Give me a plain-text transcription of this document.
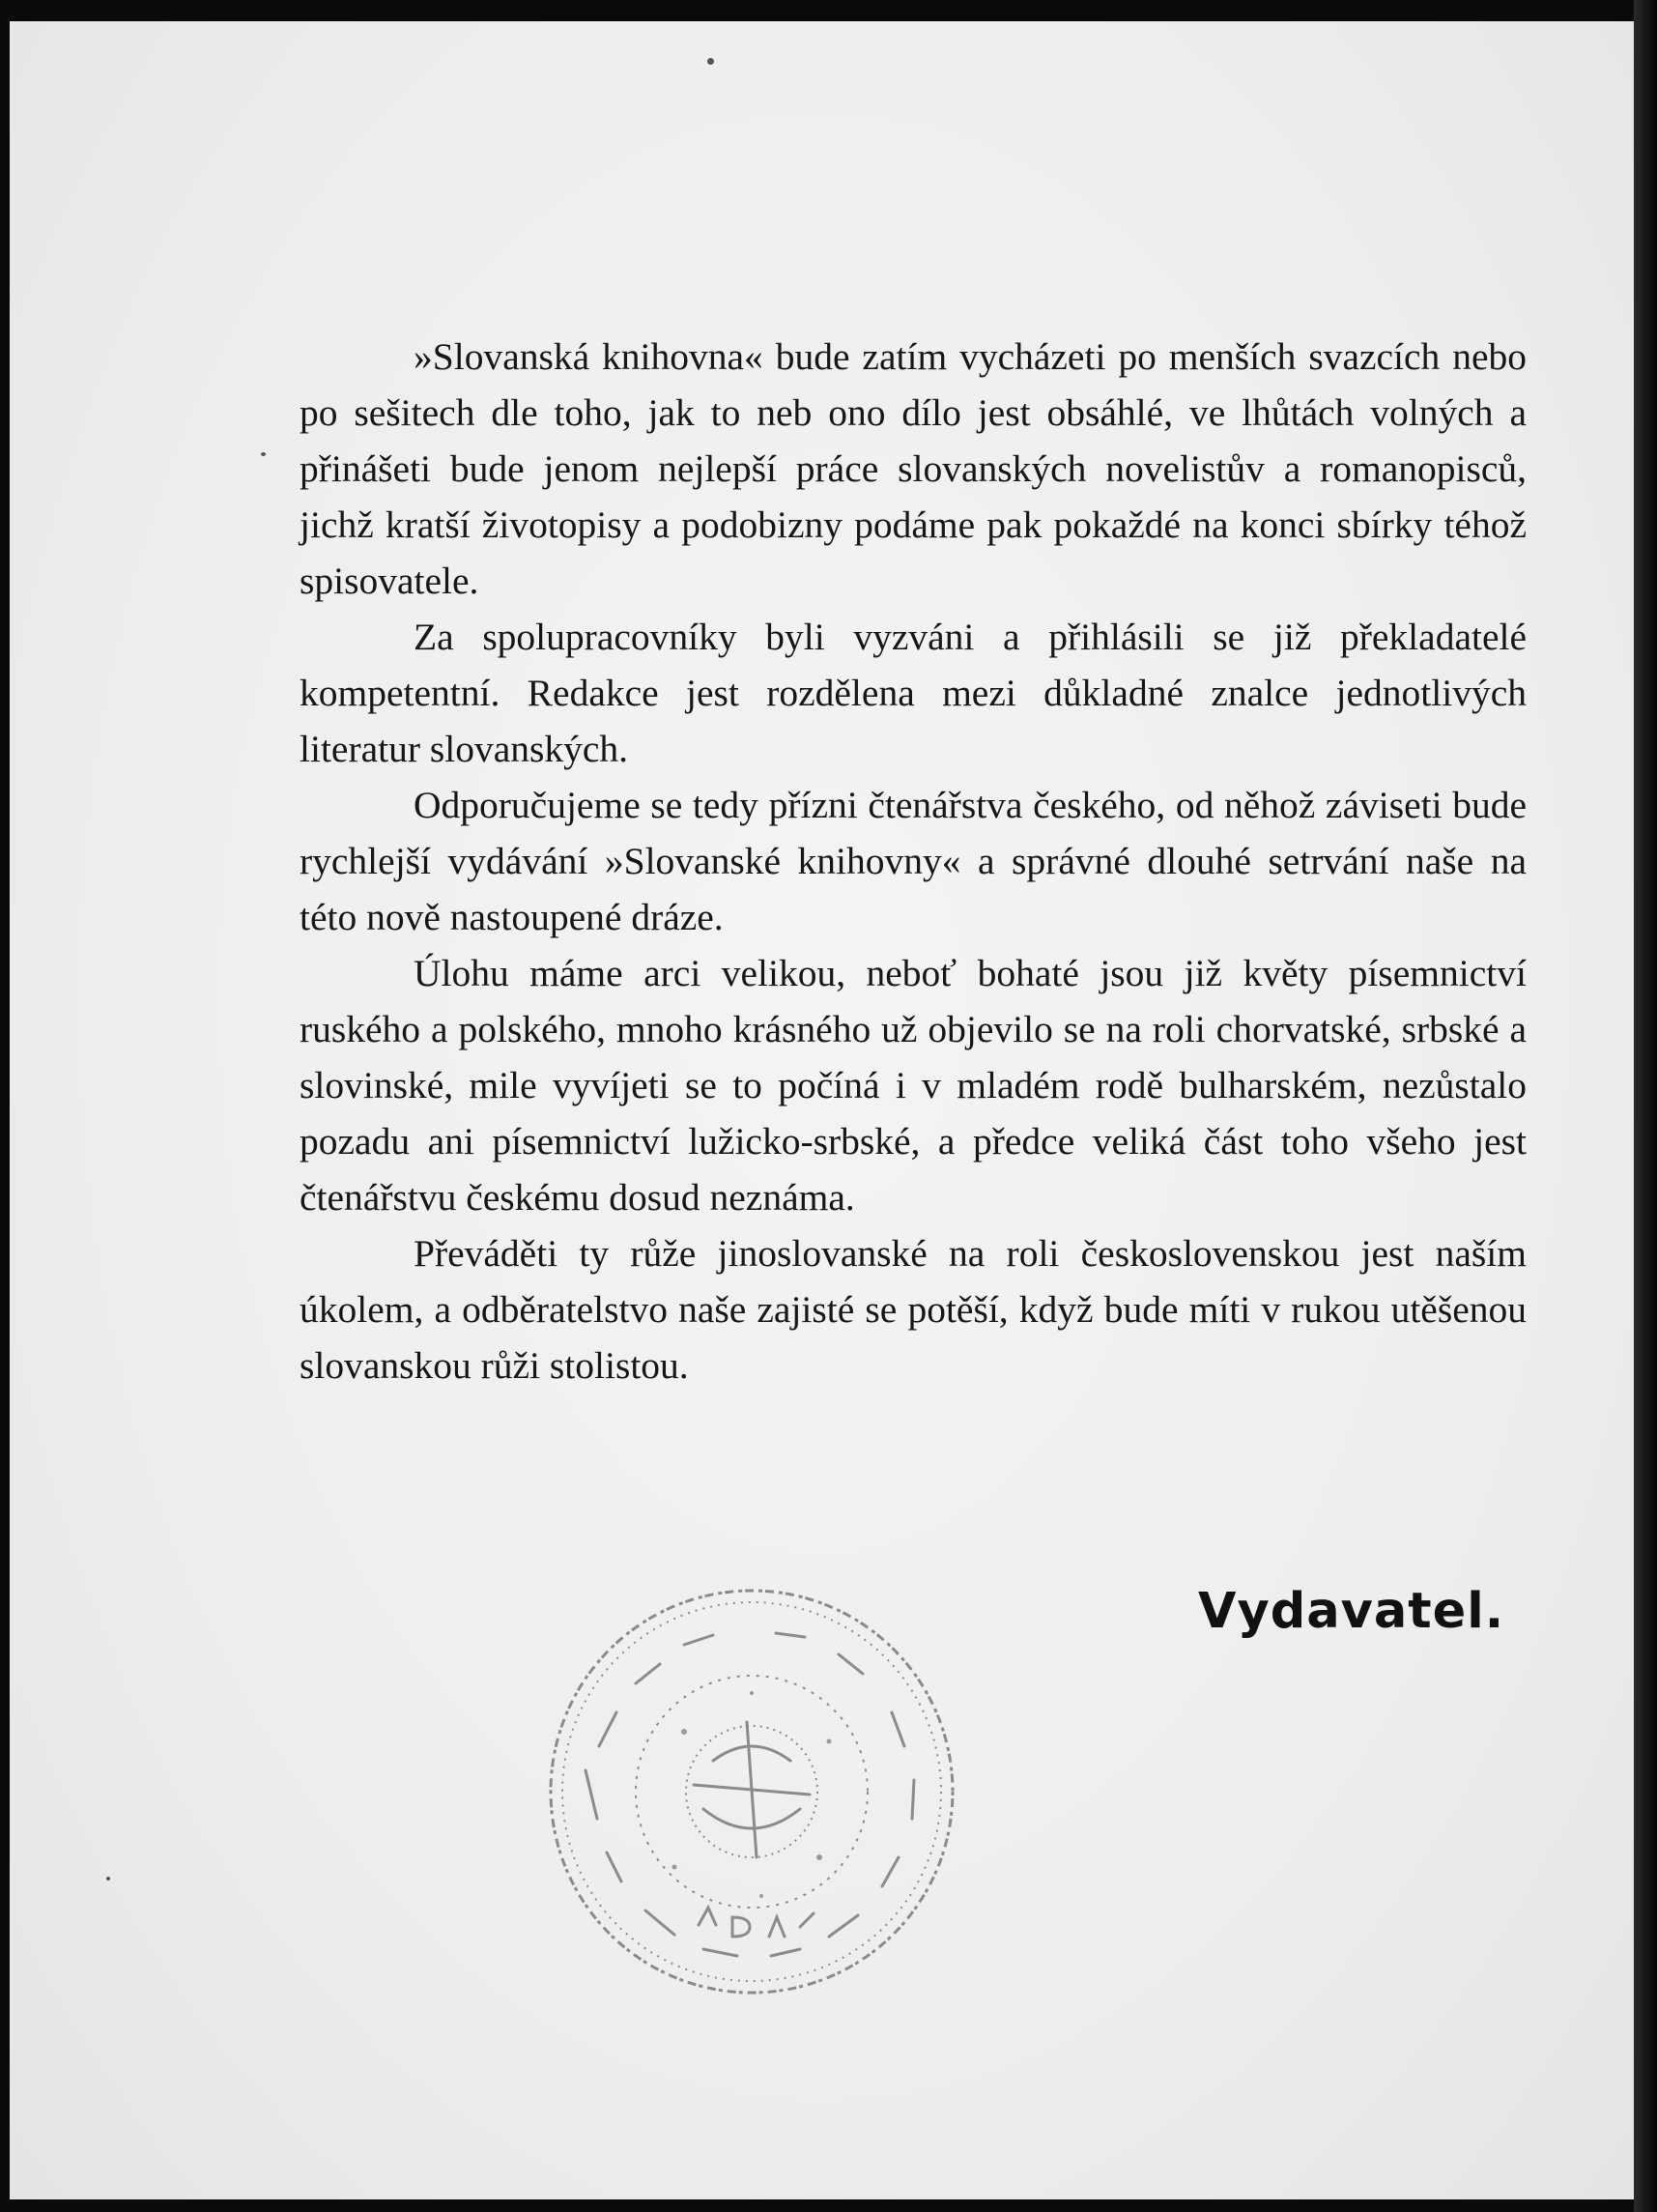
»Slovanská knihovna« bude zatím vycházeti po menších svazcích nebo po sešitech dle toho, jak to neb ono dílo jest obsáhlé, ve lhůtách volných a přinášeti bude jenom nejlepší práce slovanských novelistův a romanopisců, jichž kratší životopisy a podobizny podáme pak pokaždé na konci sbírky téhož spisovatele.

Za spolupracovníky byli vyzváni a přihlásili se již překladatelé kompetentní. Redakce jest rozdělena mezi důkladné znalce jednotlivých literatur slovanských.

Odporučujeme se tedy přízni čtenářstva českého, od něhož záviseti bude rychlejší vydávání »Slovanské knihovny« a správné dlouhé setrvání naše na této nově nastoupené dráze.

Úlohu máme arci velikou, neboť bohaté jsou již květy písemnictví ruského a polského, mnoho krásného už objevilo se na roli chorvatské, srbské a slovinské, mile vyvíjeti se to počíná i v mladém rodě bulharském, nezůstalo pozadu ani písemnictví lužicko-srbské, a předce veliká část toho všeho jest čtenářstvu českému dosud neznáma.

Převáděti ty růže jinoslovanské na roli československou jest naším úkolem, a odběratelstvo naše zajisté se potěší, když bude míti v rukou utěšenou slovanskou růži stolistou.

Vydavatel.
